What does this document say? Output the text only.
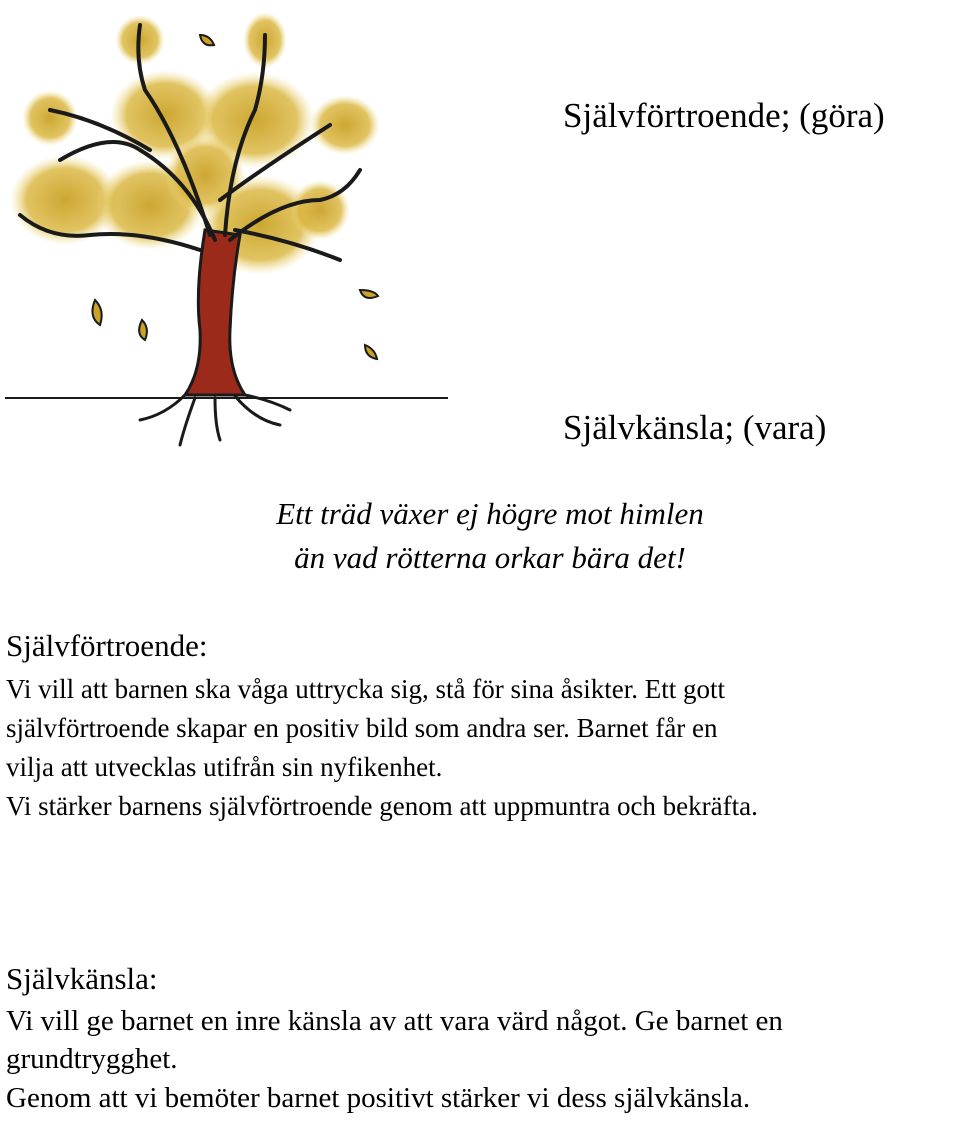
Självförtroende; (göra)
Självkänsla; (vara)
Ett träd växer ej högre mot himlen
än vad rötterna orkar bära det!
Självförtroende:
Vi vill att barnen ska våga uttrycka sig, stå för sina åsikter. Ett gott
självförtroende skapar en positiv bild som andra ser. Barnet får en
vilja att utvecklas utifrån sin nyfikenhet.
Vi stärker barnens självförtroende genom att uppmuntra och bekräfta.
Självkänsla:
Vi vill ge barnet en inre känsla av att vara värd något. Ge barnet en
grundtrygghet.
Genom att vi bemöter barnet positivt stärker vi dess självkänsla.
